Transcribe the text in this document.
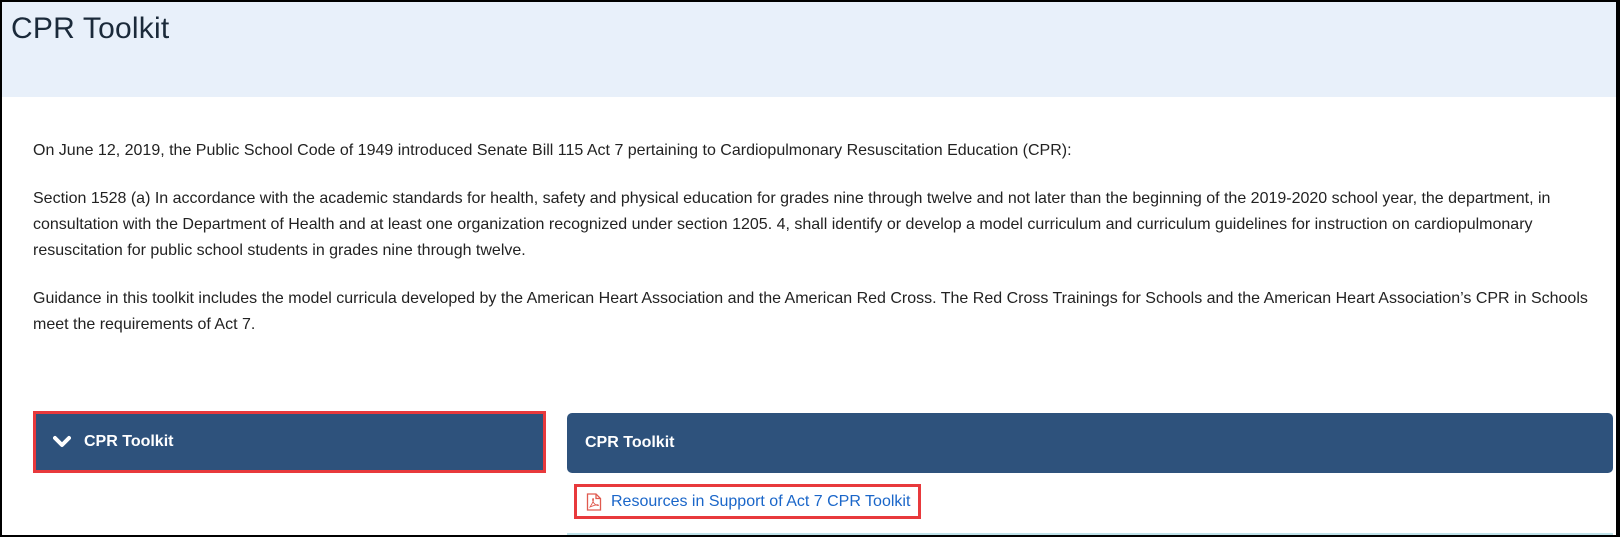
CPR Toolkit

On June 12, 2019, the Public School Code of 1949 introduced Senate Bill 115 Act 7 pertaining to Cardiopulmonary Resuscitation Education (CPR):

Section 1528 (a) In accordance with the academic standards for health, safety and physical education for grades nine through twelve and not later than the beginning of the 2019-2020 school year, the department, in consultation with the Department of Health and at least one organization recognized under section 1205. 4, shall identify or develop a model curriculum and curriculum guidelines for instruction on cardiopulmonary resuscitation for public school students in grades nine through twelve.

Guidance in this toolkit includes the model curricula developed by the American Heart Association and the American Red Cross. The Red Cross Trainings for Schools and the American Heart Association’s CPR in Schools meet the requirements of Act 7.

CPR Toolkit	CPR Toolkit
Resources in Support of Act 7 CPR Toolkit
